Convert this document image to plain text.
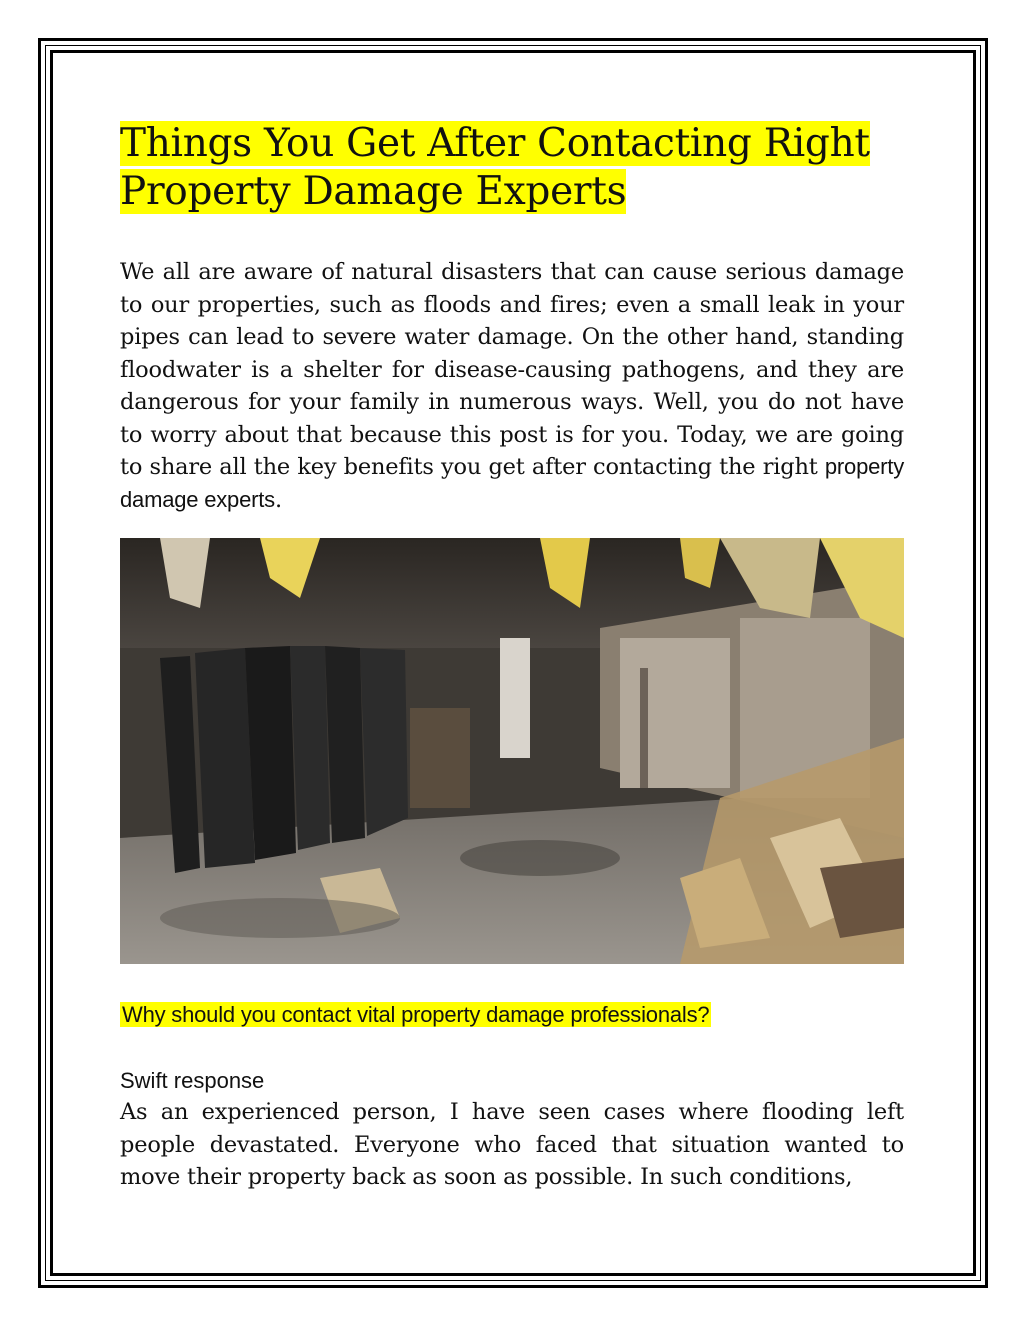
Things You Get After Contacting Right
Property Damage Experts

We all are aware of natural disasters that can cause serious damage to our properties, such as floods and fires; even a small leak in your pipes can lead to severe water damage. On the other hand, standing floodwater is a shelter for disease-causing pathogens, and they are dangerous for your family in numerous ways. Well, you do not have to worry about that because this post is for you. Today, we are going to share all the key benefits you get after contacting the right property damage experts.

Why should you contact vital property damage professionals?
Swift response

As an experienced person, I have seen cases where flooding left people devastated. Everyone who faced that situation wanted to move their property back as soon as possible. In such conditions,
